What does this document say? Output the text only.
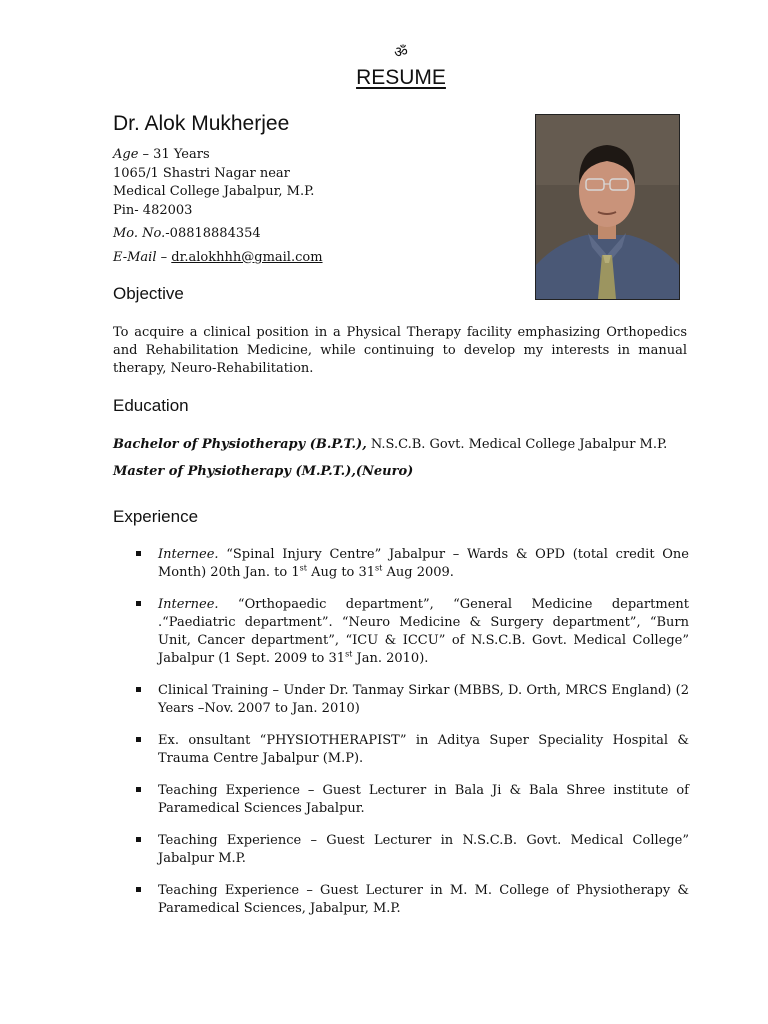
ॐ
RESUME
Dr. Alok Mukherjee
Age – 31 Years
1065/1 Shastri Nagar near
Medical College Jabalpur, M.P.
Pin- 482003
Mo. No.-08818884354
E-Mail – dr.alokhhh@gmail.com
Objective
To acquire a clinical position in a Physical Therapy facility emphasizing Orthopedics and Rehabilitation Medicine, while continuing to develop my interests in manual therapy, Neuro-Rehabilitation.
Education
Bachelor of Physiotherapy (B.P.T.), N.S.C.B. Govt. Medical College Jabalpur M.P.
Master of Physiotherapy (M.P.T.),(Neuro)
Experience
Internee. “Spinal Injury Centre” Jabalpur – Wards & OPD (total credit One Month) 20th Jan. to 1st Aug to 31st Aug 2009.
Internee. “Orthopaedic department”, “General Medicine department .“Paediatric department”. “Neuro Medicine & Surgery department”, “Burn Unit, Cancer department”, “ICU & ICCU” of N.S.C.B. Govt. Medical College” Jabalpur (1 Sept. 2009 to 31st Jan. 2010).
Clinical Training – Under Dr. Tanmay Sirkar (MBBS, D. Orth, MRCS England) (2 Years –Nov. 2007 to Jan. 2010)
Ex. onsultant “PHYSIOTHERAPIST” in Aditya Super Speciality Hospital & Trauma Centre Jabalpur (M.P).
Teaching Experience – Guest Lecturer in Bala Ji & Bala Shree institute of Paramedical Sciences Jabalpur.
Teaching Experience – Guest Lecturer in N.S.C.B. Govt. Medical College” Jabalpur M.P.
Teaching Experience – Guest Lecturer in M. M. College of Physiotherapy & Paramedical Sciences, Jabalpur, M.P.
